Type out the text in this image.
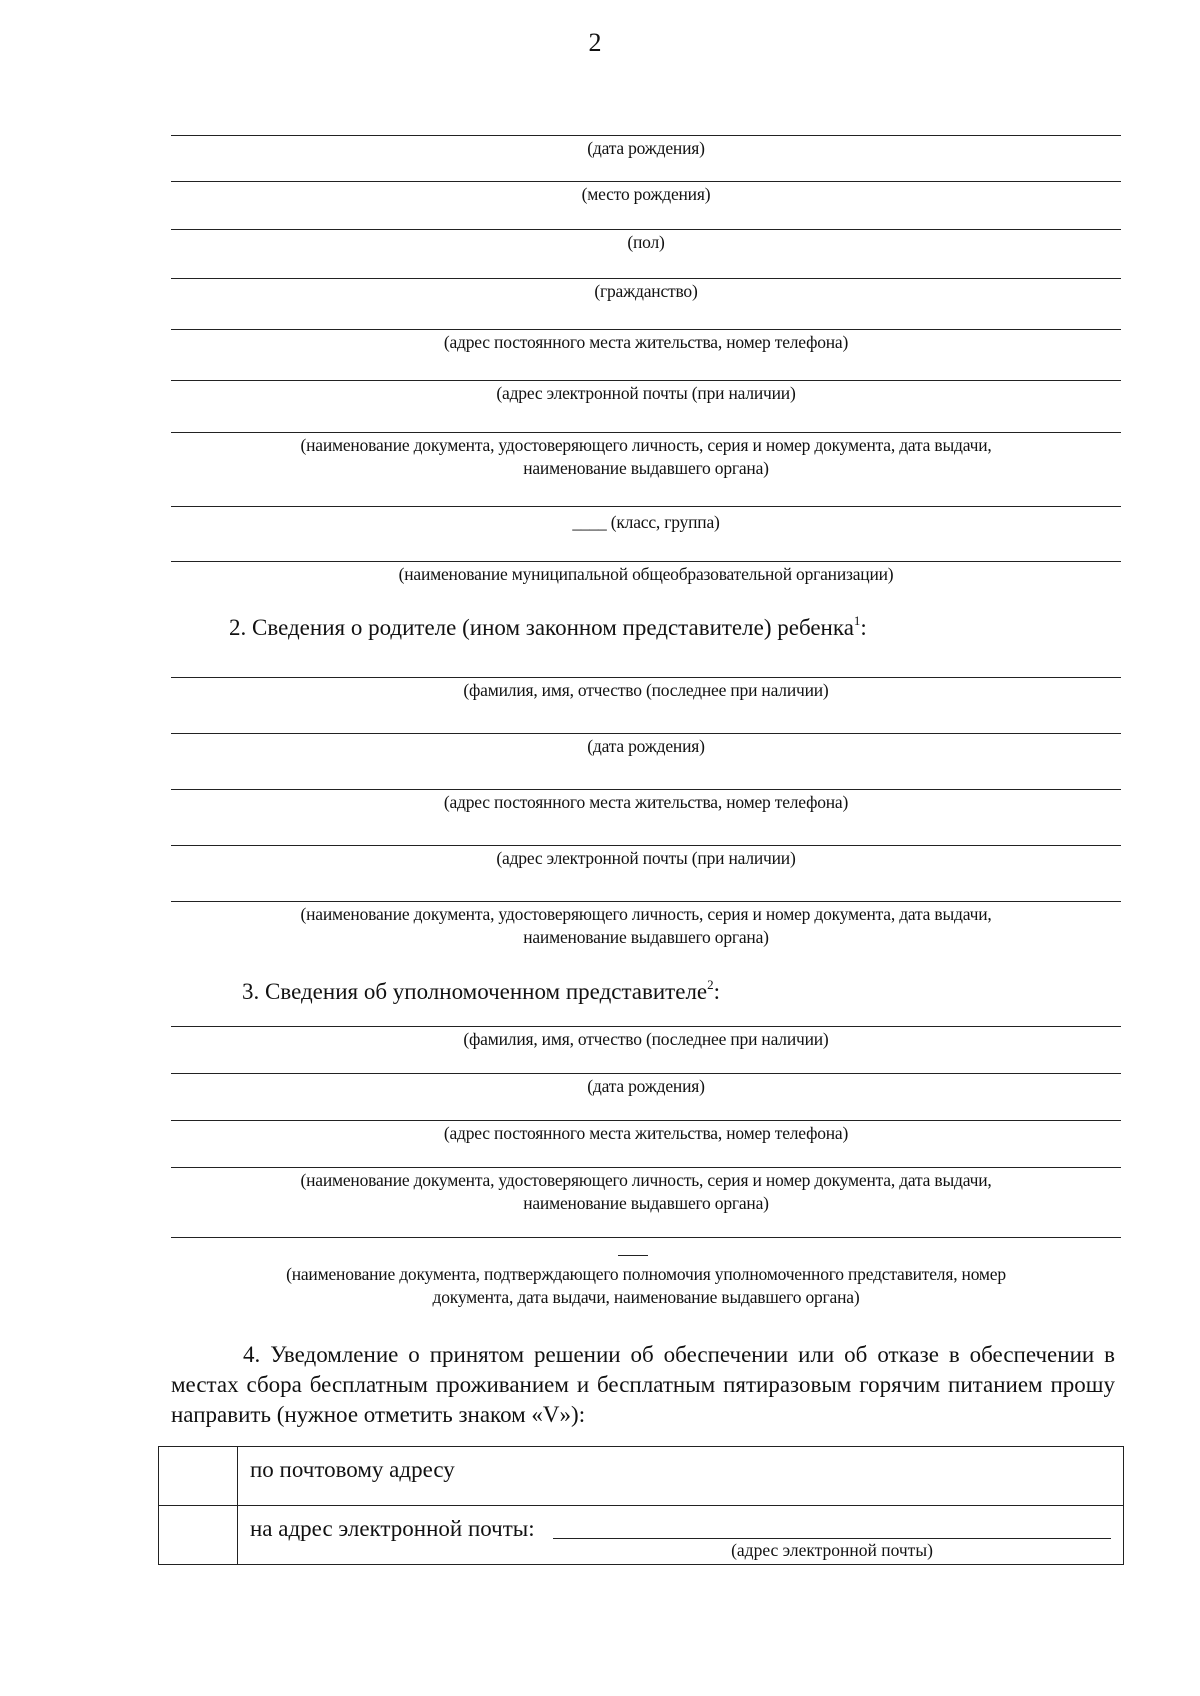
2
(дата рождения)
(место рождения)
(пол)
(гражданство)
(адрес постоянного места жительства, номер телефона)
(адрес электронной почты (при наличии)
(наименование документа, удостоверяющего личность, серия и номер документа, дата выдачи,
наименование выдавшего органа)
____ (класс, группа)
(наименование муниципальной общеобразовательной организации)
2. Сведения о родителе (ином законном представителе) ребенка$^1$:
(фамилия, имя, отчество (последнее при наличии)
(дата рождения)
(адрес постоянного места жительства, номер телефона)
(адрес электронной почты (при наличии)
(наименование документа, удостоверяющего личность, серия и номер документа, дата выдачи,
наименование выдавшего органа)
3. Сведения об уполномоченном представителе$^2$:
(фамилия, имя, отчество (последнее при наличии)
(дата рождения)
(адрес постоянного места жительства, номер телефона)
(наименование документа, удостоверяющего личность, серия и номер документа, дата выдачи,
наименование выдавшего органа)
(наименование документа, подтверждающего полномочия уполномоченного представителя, номер
документа, дата выдачи, наименование выдавшего органа)
4. Уведомление о принятом решении об обеспечении или об отказе в обеспечении в местах сбора бесплатным проживанием и бесплатным пятиразовым горячим питанием прошу направить (нужное отметить знаком «V»):

	по почтовому адресу

	на адрес электронной почты:
(адрес электронной почты)
